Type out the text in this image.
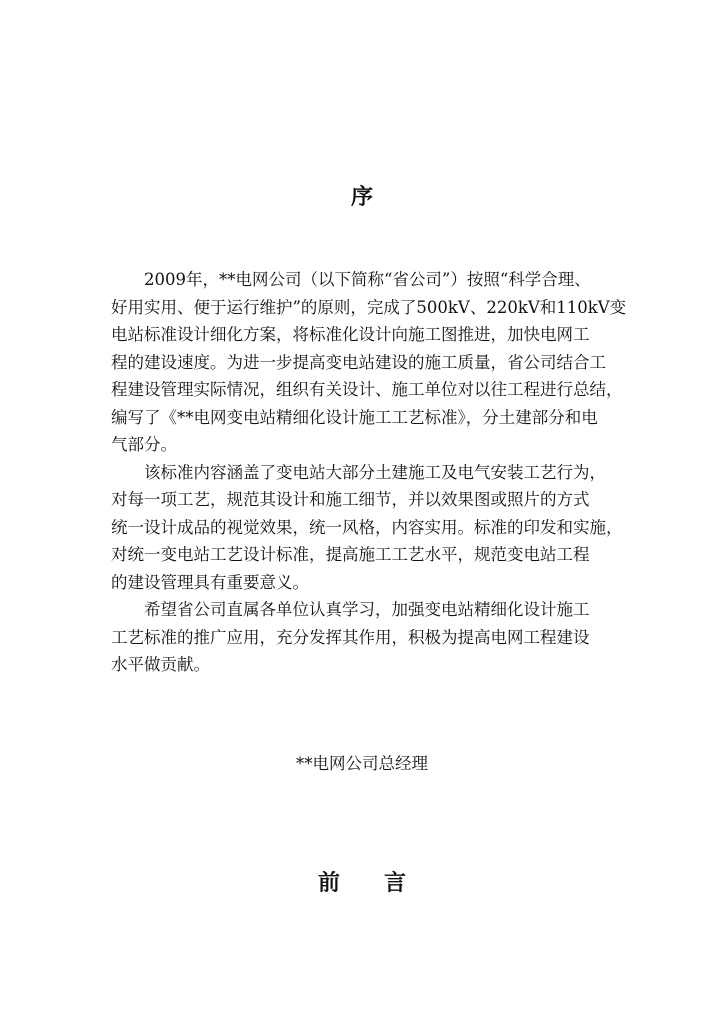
序
2009年，**电网公司（以下简称“省公司”）按照“科学合理、
好用实用、便于运行维护”的原则，完成了500kV、220kV和110kV变
电站标准设计细化方案，将标准化设计向施工图推进，加快电网工
程的建设速度。为进一步提高变电站建设的施工质量，省公司结合工
程建设管理实际情况，组织有关设计、施工单位对以往工程进行总结，
编写了《**电网变电站精细化设计施工工艺标准》，分土建部分和电
气部分。
该标准内容涵盖了变电站大部分土建施工及电气安装工艺行为，
对每一项工艺，规范其设计和施工细节，并以效果图或照片的方式
统一设计成品的视觉效果，统一风格，内容实用。标准的印发和实施，
对统一变电站工艺设计标准，提高施工工艺水平，规范变电站工程
的建设管理具有重要意义。
希望省公司直属各单位认真学习，加强变电站精细化设计施工
工艺标准的推广应用，充分发挥其作用，积极为提高电网工程建设
水平做贡献。
**电网公司总经理
前 言
